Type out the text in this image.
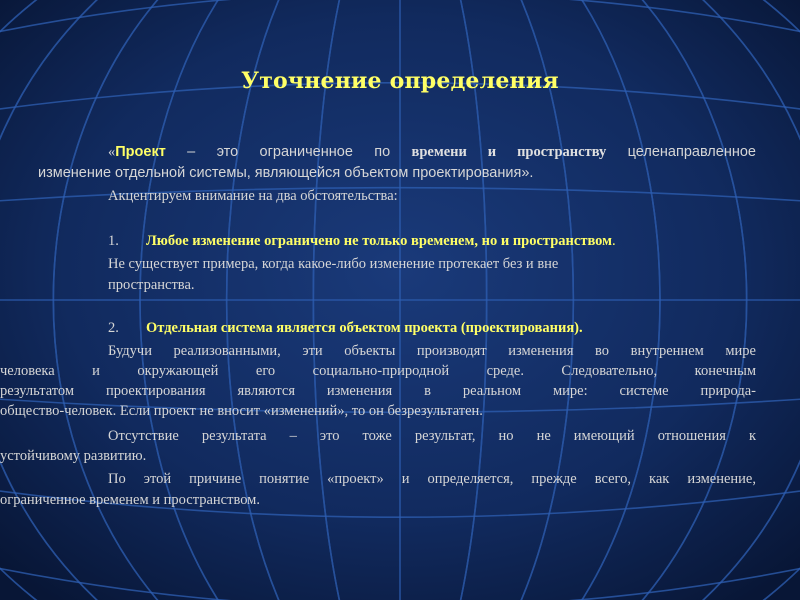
Уточнение определения
«Проект – это ограниченное по времени и пространству целенаправленное
изменение отдельной системы, являющейся объектом проектирования».
Акцентируем внимание на два обстоятельства:
1. Любое изменение ограничено не только временем, но и пространством.
Не существует примера, когда какое-либо изменение протекает без и вне
пространства.
2. Отдельная система является объектом проекта (проектирования).
Будучи реализованными, эти объекты производят изменения во внутреннем мире
человека и окружающей его социально-природной среде. Следовательно, конечным
результатом проектирования являются изменения в реальном мире: системе природа-
общество-человек. Если проект не вносит «изменений», то он безрезультатен.
Отсутствие результата – это тоже результат, но не имеющий отношения к
устойчивому развитию.
По этой причине понятие «проект» и определяется, прежде всего, как изменение,
ограниченное временем и пространством.
